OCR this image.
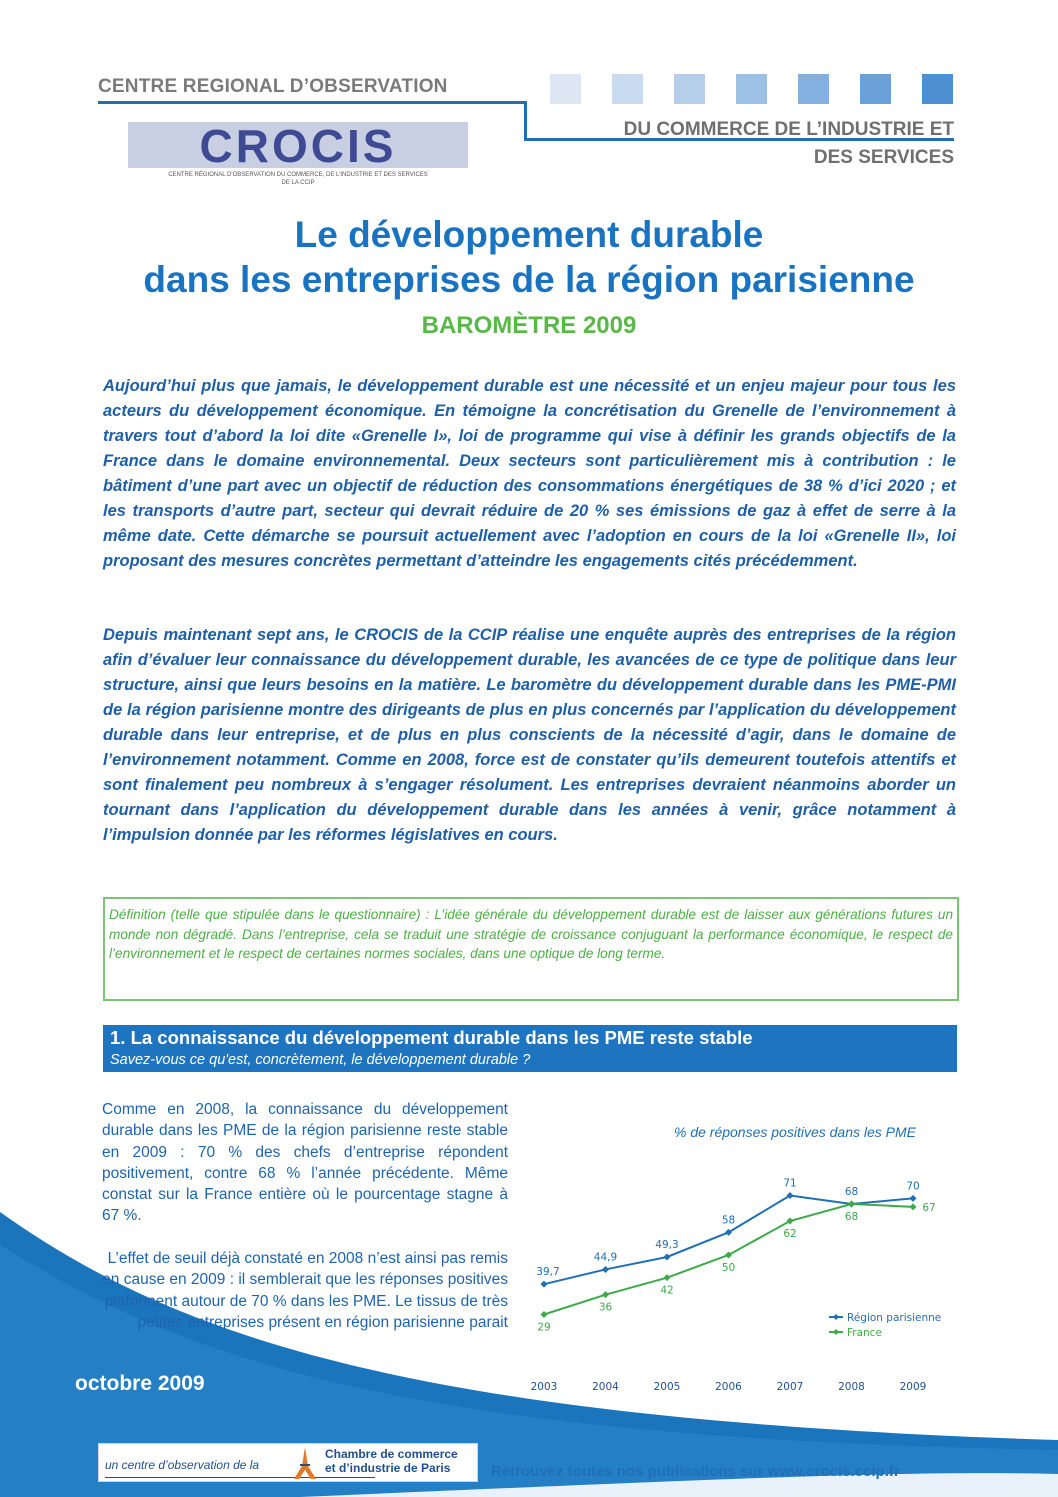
CENTRE REGIONAL D’OBSERVATION
DU COMMERCE DE L’INDUSTRIE ET
DES SERVICES
CROCIS
CENTRE RÉGIONAL D’OBSERVATION DU COMMERCE, DE L’INDUSTRIE ET DES SERVICES
DE LA CCIP
Le développement durable
dans les entreprises de la région parisienne
BAROMÈTRE 2009
Aujourd’hui plus que jamais, le développement durable est une nécessité et un enjeu majeur pour tous les acteurs du développement économique. En témoigne la concrétisation du Grenelle de l’environnement à travers tout d’abord la loi dite «Grenelle I», loi de programme qui vise à définir les grands objectifs de la France dans le domaine environnemental. Deux secteurs sont particulièrement mis à contribution : le bâtiment d’une part avec un objectif de réduction des consommations énergétiques de 38 % d’ici 2020 ; et les transports d’autre part, secteur qui devrait réduire de 20 % ses émissions de gaz à effet de serre à la même date. Cette démarche se poursuit actuellement avec l’adoption en cours de la loi «Grenelle II», loi proposant des mesures concrètes permettant d’atteindre les engagements cités précédemment.
Depuis maintenant sept ans, le CROCIS de la CCIP réalise une enquête auprès des entreprises de la région afin d’évaluer leur connaissance du développement durable, les avancées de ce type de politique dans leur structure, ainsi que leurs besoins en la matière. Le baromètre du développement durable dans les PME-PMI de la région parisienne montre des dirigeants de plus en plus concernés par l’application du développement durable dans leur entreprise, et de plus en plus conscients de la nécessité d’agir, dans le domaine de l’environnement notamment. Comme en 2008, force est de constater qu’ils demeurent toutefois attentifs et sont finalement peu nombreux à s’engager résolument. Les entreprises devraient néanmoins aborder un tournant dans l’application du développement durable dans les années à venir, grâce notamment à l’impulsion donnée par les réformes législatives en cours.
Définition (telle que stipulée dans le questionnaire) : L’idée générale du développement durable est de laisser aux générations futures un monde non dégradé. Dans l’entreprise, cela se traduit une stratégie de croissance conjuguant la performance économique, le respect de l’environnement et le respect de certaines normes sociales, dans une optique de long terme.
1. La connaissance du développement durable dans les PME reste stable
Savez-vous ce qu'est, concrètement, le développement durable ?
Comme en 2008, la connaissance du développement durable dans les PME de la région parisienne reste stable en 2009 : 70 % des chefs d’entreprise répondent positivement, contre 68 % l’année précédente. Même constat sur la France entière où le pourcentage stagne à 67 %.
L’effet de seuil déjà constaté en 2008 n’est ainsi pas remis en cause en 2009 : il semblerait que les réponses positives plafonnent autour de 70 % dans les PME. Le tissus de très petites entreprises présent en région parisienne parait
% de réponses positives dans les PME
2003	2004	2005	2006	2007	2008	2009
39,7
44,9
49,3
58
71
68	70
29
36
42
50
62
68
67
Région parisienne
France
octobre 2009
un centre d’observation de la
Chambre de commerce
et d’industrie de Paris	Retrouvez toutes nos publications sur www.crocis.ccip.fr
